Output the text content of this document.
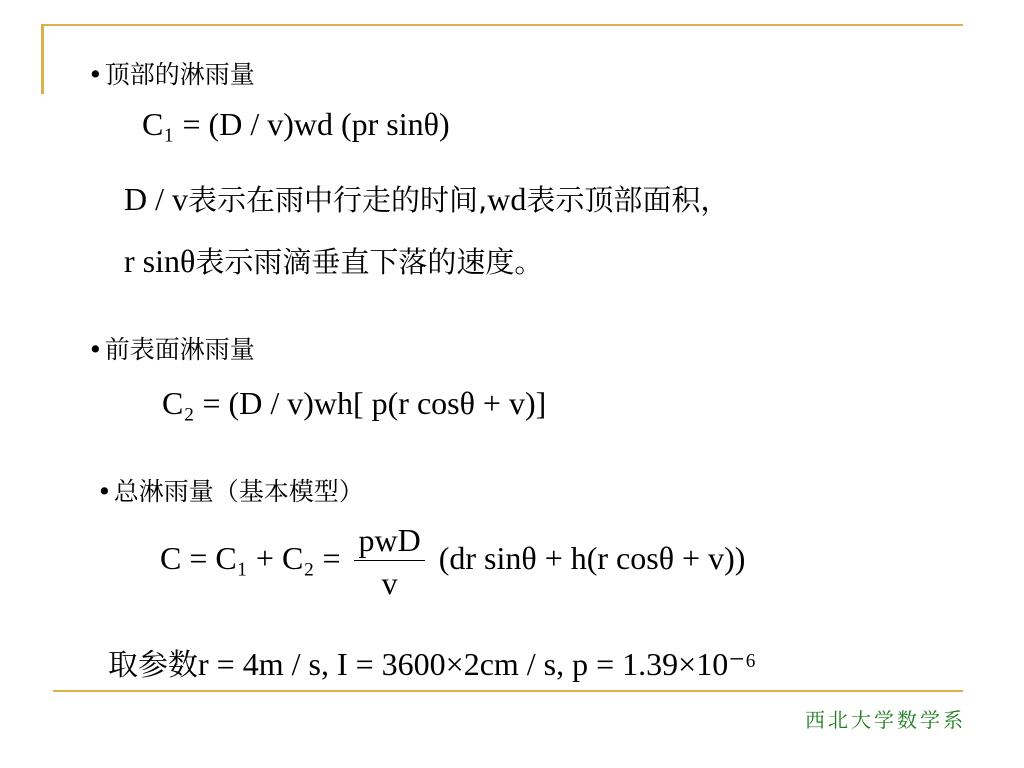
•顶部的淋雨量
C₁ = (D / v)wd (pr sinθ)
D / v表示在雨中行走的时间,wd表示顶部面积，
r sinθ表示雨滴垂直下落的速度。
•前表面淋雨量
C₂ = (D / v)wh[ p(r cosθ + v)]
•总淋雨量（基本模型）
$C = C_1 + C_2 = \frac{\text{pwD}}{v} (dr$ sinθ + h(r cosθ + v))
取参数r = 4m / s, I = 3600×2cm / s, p = 1.39×10⁻⁶
西北大学数学系
